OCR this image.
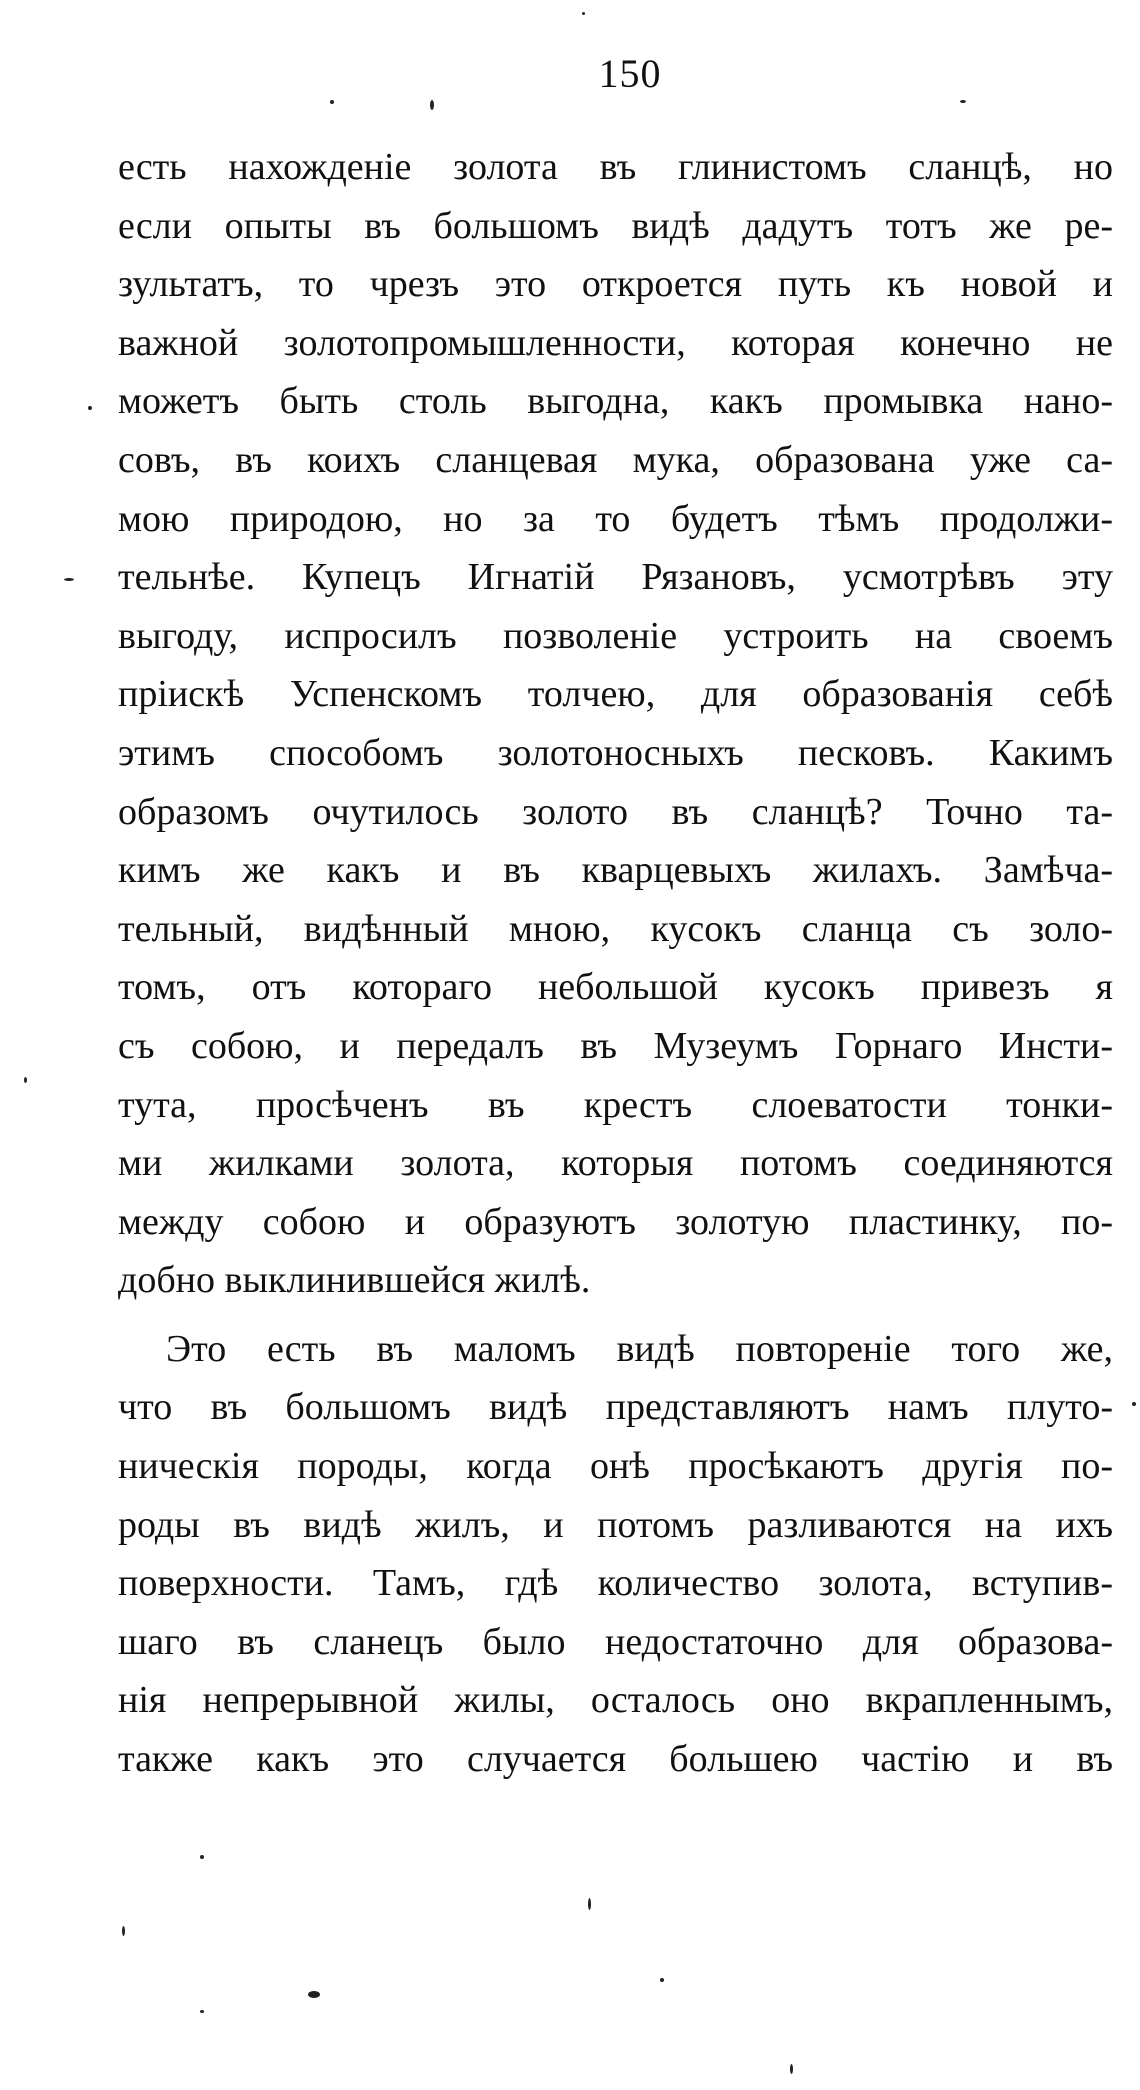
150
есть нахожденіе золота въ глинистомъ сланцѣ, но
если опыты въ большомъ видѣ дадутъ тотъ же ре-
зультатъ, то чрезъ это откроется путь къ новой и
важной золотопромышленности, которая конечно не
можетъ быть столь выгодна, какъ промывка нано-
совъ, въ коихъ сланцевая мука, образована уже са-
мою природою, но за то будетъ тѣмъ продолжи-
тельнѣе. Купецъ Игнатій Рязановъ, усмотрѣвъ эту
выгоду, испросилъ позволеніе устроить на своемъ
пріискѣ Успенскомъ толчею, для образованія себѣ
этимъ способомъ золотоносныхъ песковъ. Какимъ
образомъ очутилось золото въ сланцѣ? Точно та-
кимъ же какъ и въ кварцевыхъ жилахъ. Замѣча-
тельный, видѣнный мною, кусокъ сланца съ золо-
томъ, отъ котораго небольшой кусокъ привезъ я
съ собою, и передалъ въ Музеумъ Горнаго Инсти-
тута, просѣченъ въ крестъ слоеватости тонки-
ми жилками золота, которыя потомъ соединяются
между собою и образуютъ золотую пластинку, по-
добно выклинившейся жилѣ.
Это есть въ маломъ видѣ повтореніе того же,
что въ большомъ видѣ представляютъ намъ плуто-
ническія породы, когда онѣ просѣкаютъ другія по-
роды въ видѣ жилъ, и потомъ разливаются на ихъ
поверхности. Тамъ, гдѣ количество золота, вступив-
шаго въ сланецъ было недостаточно для образова-
нія непрерывной жилы, осталось оно вкрапленнымъ,
также какъ это случается большею частію и въ
